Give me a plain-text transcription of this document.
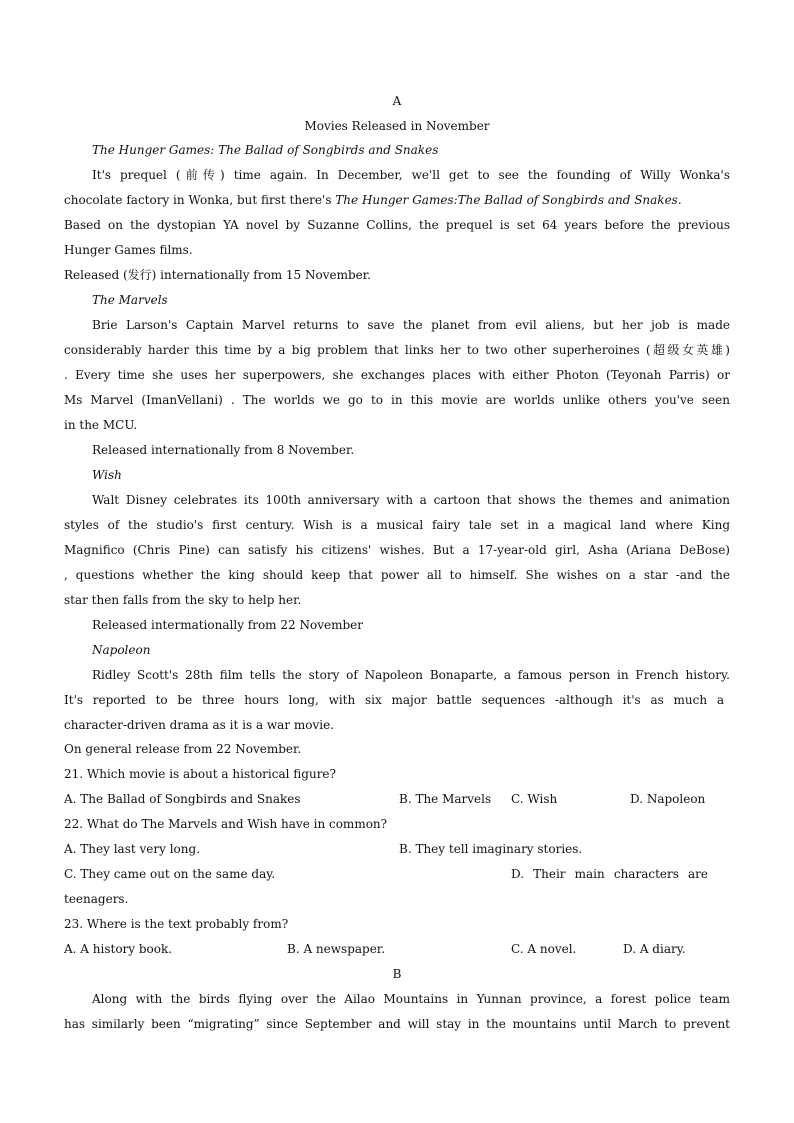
A
Movies Released in November
The Hunger Games: The Ballad of Songbirds and Snakes
It's prequel (前传) time again. In December, we'll get to see the founding of Willy Wonka's
chocolate factory in Wonka, but first there's The Hunger Games:The Ballad of Songbirds and Snakes.
Based on the dystopian YA novel by Suzanne Collins, the prequel is set 64 years before the previous
Hunger Games films.
Released (发行) internationally from 15 November.
The Marvels
Brie Larson's Captain Marvel returns to save the planet from evil aliens, but her job is made
considerably harder this time by a big problem that links her to two other superheroines (超级女英雄)
. Every time she uses her superpowers, she exchanges places with either Photon (Teyonah Parris) or
Ms Marvel (ImanVellani) . The worlds we go to in this movie are worlds unlike others you've seen
in the MCU.
Released internationally from 8 November.
Wish
Walt Disney celebrates its 100th anniversary with a cartoon that shows the themes and animation
styles of the studio's first century. Wish is a musical fairy tale set in a magical land where King
Magnifico (Chris Pine) can satisfy his citizens' wishes. But a 17-year-old girl, Asha (Ariana DeBose)
, questions whether the king should keep that power all to himself. She wishes on a star -and the
star then falls from the sky to help her.
Released intermationally from 22 November
Napoleon
Ridley Scott's 28th film tells the story of Napoleon Bonaparte, a famous person in French history.
It's reported to be three hours long, with six major battle sequences -although it's as much a
character-driven drama as it is a war movie.
On general release from 22 November.
21. Which movie is about a historical figure?
A. The Ballad of Songbirds and Snakes	B. The Marvels C. Wish	D. Napoleon
22. What do The Marvels and Wish have in common?
A. They last very long.	B. They tell imaginary stories.
C. They came out on the same day.	D. Their main characters are
teenagers.
23. Where is the text probably from?
A. A history book.	B. A newspaper.	C. A novel.	D. A diary.
B
Along with the birds flying over the Ailao Mountains in Yunnan province, a forest police team
has similarly been “migrating” since September and will stay in the mountains until March to prevent
